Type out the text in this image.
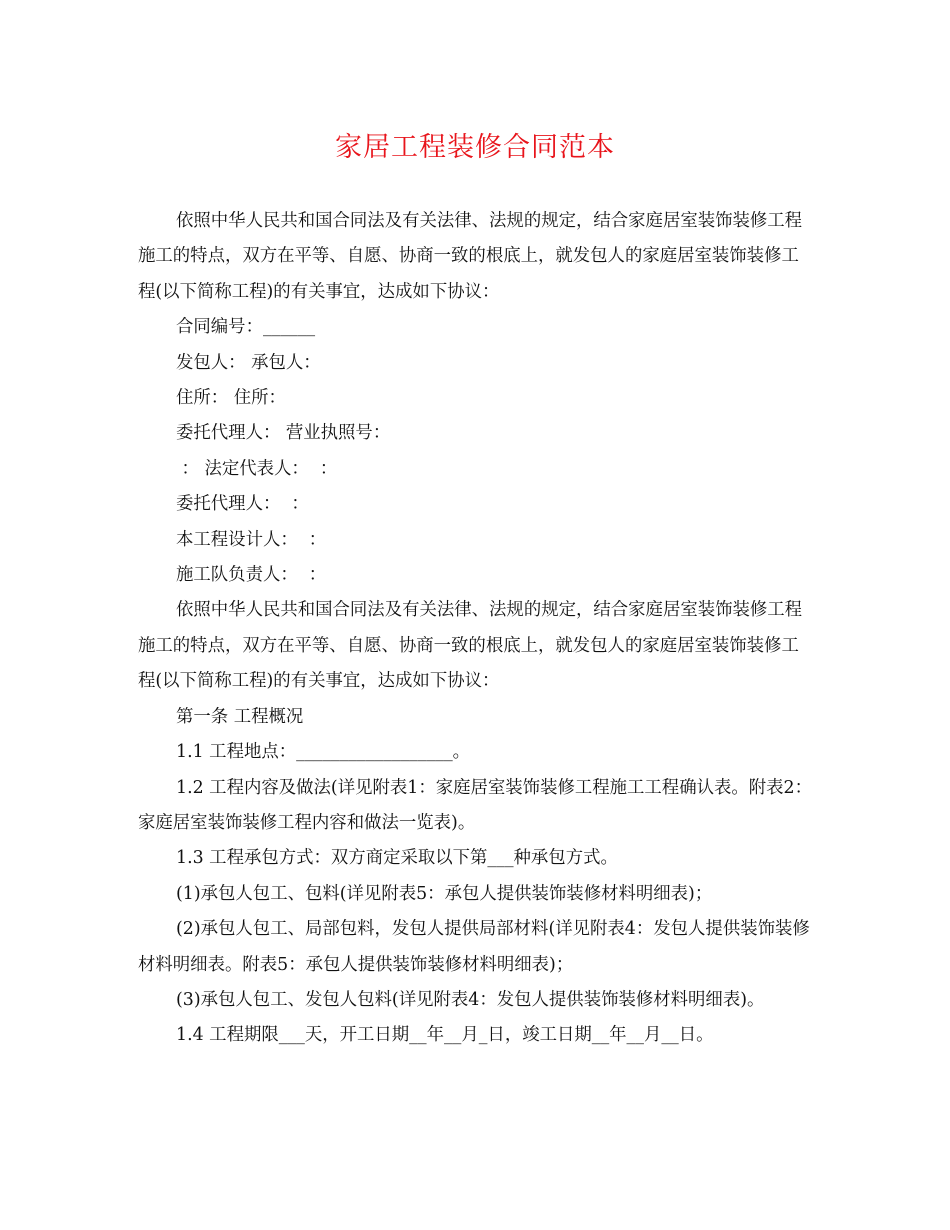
家居工程装修合同范本

依照中华人民共和国合同法及有关法律、法规的规定，结合家庭居室装饰装修工程施工的特点，双方在平等、自愿、协商一致的根底上，就发包人的家庭居室装饰装修工程(以下简称工程)的有关事宜，达成如下协议：

合同编号：______

发包人： 承包人：

住所： 住所：

委托代理人： 营业执照号：

： 法定代表人：  ：

委托代理人：  ：

本工程设计人：  ：

施工队负责人：  ：

依照中华人民共和国合同法及有关法律、法规的规定，结合家庭居室装饰装修工程施工的特点，双方在平等、自愿、协商一致的根底上，就发包人的家庭居室装饰装修工程(以下简称工程)的有关事宜，达成如下协议：

第一条 工程概况

1.1 工程地点：__________________。

1.2 工程内容及做法(详见附表1：家庭居室装饰装修工程施工工程确认表。附表2：家庭居室装饰装修工程内容和做法一览表)。

1.3 工程承包方式：双方商定采取以下第___种承包方式。

(1)承包人包工、包料(详见附表5：承包人提供装饰装修材料明细表)；

(2)承包人包工、局部包料，发包人提供局部材料(详见附表4：发包人提供装饰装修材料明细表。附表5：承包人提供装饰装修材料明细表)；

(3)承包人包工、发包人包料(详见附表4：发包人提供装饰装修材料明细表)。

1.4 工程期限___天，开工日期__年__月_日，竣工日期__年__月__日。
